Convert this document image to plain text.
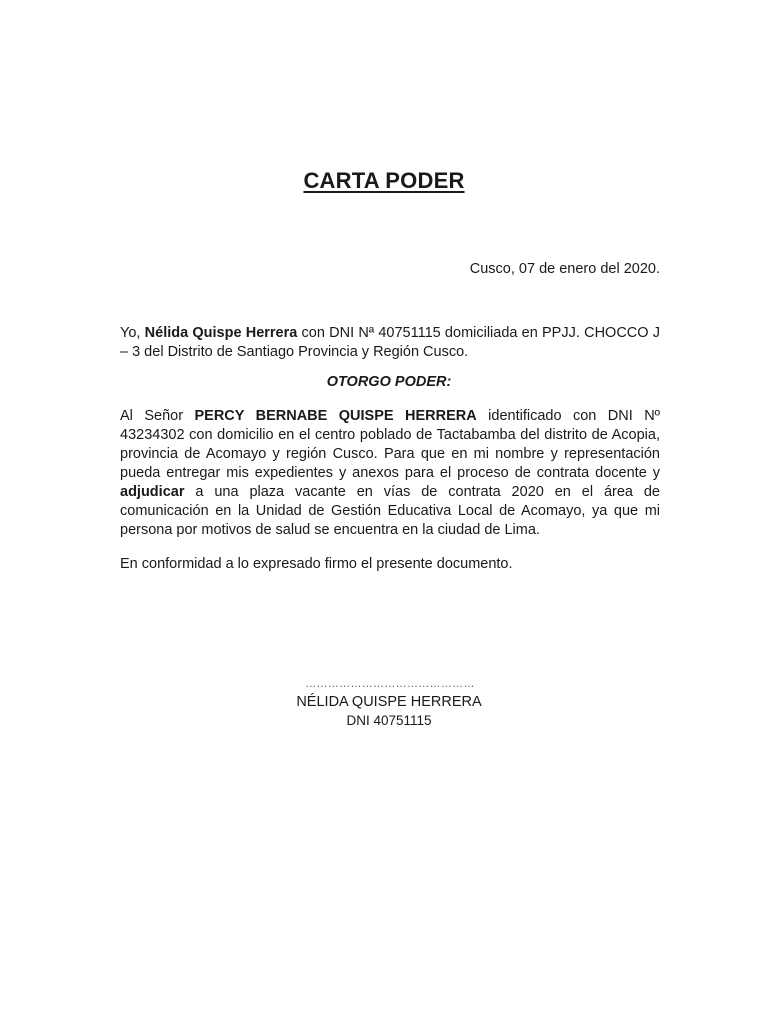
CARTA PODER
Cusco, 07 de enero del 2020.

Yo, Nélida Quispe Herrera con DNI Nª 40751115 domiciliada en PPJJ. CHOCCO J – 3 del Distrito de Santiago Provincia y Región Cusco.

OTORGO PODER:

Al Señor PERCY BERNABE QUISPE HERRERA identificado con DNI Nº 43234302 con domicilio en el centro poblado de Tactabamba del distrito de Acopia, provincia de Acomayo y región Cusco. Para que en mi nombre y representación pueda entregar mis expedientes y anexos para el proceso de contrata docente y adjudicar a una plaza vacante en vías de contrata 2020 en el área de comunicación en la Unidad de Gestión Educativa Local de Acomayo, ya que mi persona por motivos de salud se encuentra en la ciudad de Lima.

En conformidad a lo expresado firmo el presente documento.

………………………………………
NÉLIDA QUISPE HERRERA
DNI 40751115
